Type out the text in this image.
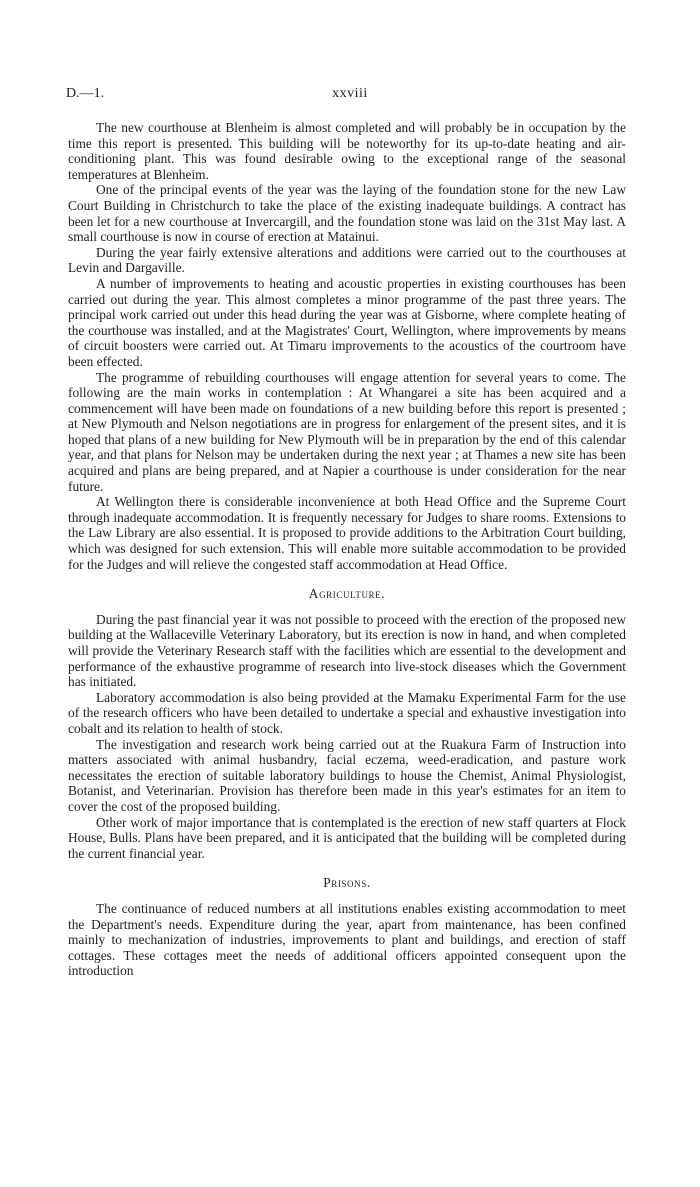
D.—1.	xxviii

The new courthouse at Blenheim is almost completed and will probably be in occupation by the time this report is presented. This building will be noteworthy for its up-to-date heating and air-conditioning plant. This was found desirable owing to the exceptional range of the seasonal temperatures at Blenheim.

One of the principal events of the year was the laying of the foundation stone for the new Law Court Building in Christchurch to take the place of the existing inadequate buildings. A contract has been let for a new courthouse at Invercargill, and the foundation stone was laid on the 31st May last. A small courthouse is now in course of erection at Matainui.

During the year fairly extensive alterations and additions were carried out to the courthouses at Levin and Dargaville.

A number of improvements to heating and acoustic properties in existing courthouses has been carried out during the year. This almost completes a minor programme of the past three years. The principal work carried out under this head during the year was at Gisborne, where complete heating of the courthouse was installed, and at the Magistrates' Court, Wellington, where improvements by means of circuit boosters were carried out. At Timaru improvements to the acoustics of the courtroom have been effected.

The programme of rebuilding courthouses will engage attention for several years to come. The following are the main works in contemplation : At Whangarei a site has been acquired and a commencement will have been made on foundations of a new building before this report is presented ; at New Plymouth and Nelson negotiations are in progress for enlargement of the present sites, and it is hoped that plans of a new building for New Plymouth will be in preparation by the end of this calendar year, and that plans for Nelson may be undertaken during the next year ; at Thames a new site has been acquired and plans are being prepared, and at Napier a courthouse is under consideration for the near future.

At Wellington there is considerable inconvenience at both Head Office and the Supreme Court through inadequate accommodation. It is frequently necessary for Judges to share rooms. Extensions to the Law Library are also essential. It is proposed to provide additions to the Arbitration Court building, which was designed for such extension. This will enable more suitable accommodation to be provided for the Judges and will relieve the congested staff accommodation at Head Office.

Agriculture.

During the past financial year it was not possible to proceed with the erection of the proposed new building at the Wallaceville Veterinary Laboratory, but its erection is now in hand, and when completed will provide the Veterinary Research staff with the facilities which are essential to the development and performance of the exhaustive programme of research into live-stock diseases which the Government has initiated.

Laboratory accommodation is also being provided at the Mamaku Experimental Farm for the use of the research officers who have been detailed to undertake a special and exhaustive investigation into cobalt and its relation to health of stock.

The investigation and research work being carried out at the Ruakura Farm of Instruction into matters associated with animal husbandry, facial eczema, weed-eradication, and pasture work necessitates the erection of suitable laboratory buildings to house the Chemist, Animal Physiologist, Botanist, and Veterinarian. Provision has therefore been made in this year's estimates for an item to cover the cost of the proposed building.

Other work of major importance that is contemplated is the erection of new staff quarters at Flock House, Bulls. Plans have been prepared, and it is anticipated that the building will be completed during the current financial year.

Prisons.

The continuance of reduced numbers at all institutions enables existing accommodation to meet the Department's needs. Expenditure during the year, apart from maintenance, has been confined mainly to mechanization of industries, improvements to plant and buildings, and erection of staff cottages. These cottages meet the needs of additional officers appointed consequent upon the introduction
